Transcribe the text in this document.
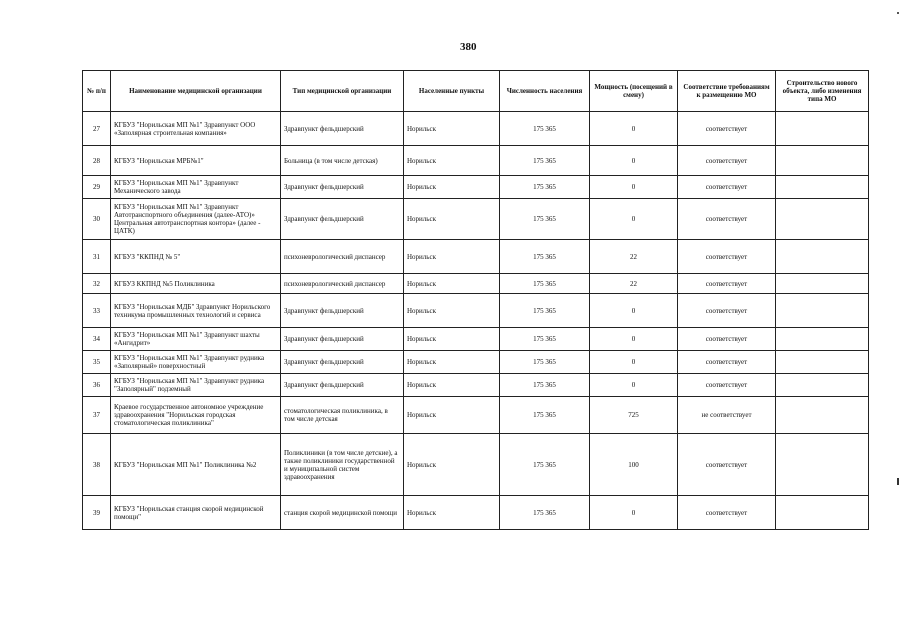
380
№ п/п	Наименование медицинской организации	Тип медицинской организации	Населенные пункты	Численность населения	Мощность (посещений в смену)	Соответствие требованиям к размещению МО	Строительство нового объекта, либо изменения типа МО
27	КГБУЗ "Норильская МП №1" Здравпункт ООО «Заполярная строительная компания»	Здравпункт фельдшерский	Норильск	175 365	0	соответствует	
28	КГБУЗ "Норильская МРБ№1"	Больница (в том числе детская)	Норильск	175 365	0	соответствует	
29	КГБУЗ "Норильская МП №1" Здравпункт Механического завода	Здравпункт фельдшерский	Норильск	175 365	0	соответствует	
30	КГБУЗ "Норильская МП №1" Здравпункт Автотранспортного объединения (далее-АТО)» Центральная автотранспортная контора» (далее - ЦАТК)	Здравпункт фельдшерский	Норильск	175 365	0	соответствует	
31	КГБУЗ "ККПНД № 5"	психоневрологический диспансер	Норильск	175 365	22	соответствует	
32	КГБУЗ ККПНД №5 Поликлиника	психоневрологический диспансер	Норильск	175 365	22	соответствует	
33	КГБУЗ "Норильская МДБ" Здравпункт Норильского техникума промышленных технологий и сервиса	Здравпункт фельдшерский	Норильск	175 365	0	соответствует	
34	КГБУЗ "Норильская МП №1" Здравпункт шахты «Ангидрит»	Здравпункт фельдшерский	Норильск	175 365	0	соответствует	
35	КГБУЗ "Норильская МП №1" Здравпункт рудника «Заполярный» поверхностный	Здравпункт фельдшерский	Норильск	175 365	0	соответствует	
36	КГБУЗ "Норильская МП №1" Здравпункт рудника "Заполярный" подземный	Здравпункт фельдшерский	Норильск	175 365	0	соответствует	
37	Краевое государственное автономное учреждение здравоохранения "Норильская городская стоматологическая поликлиника"	стоматологическая поликлиника, в том числе детская	Норильск	175 365	725	не соответствует	
38	КГБУЗ "Норильская МП №1" Поликлиника №2	Поликлиники (в том числе детские), а также поликлиники государственной и муниципальной систем здравоохранения	Норильск	175 365	100	соответствует	
39	КГБУЗ "Норильская станция скорой медицинской помощи"	станция скорой медицинской помощи	Норильск	175 365	0	соответствует	
